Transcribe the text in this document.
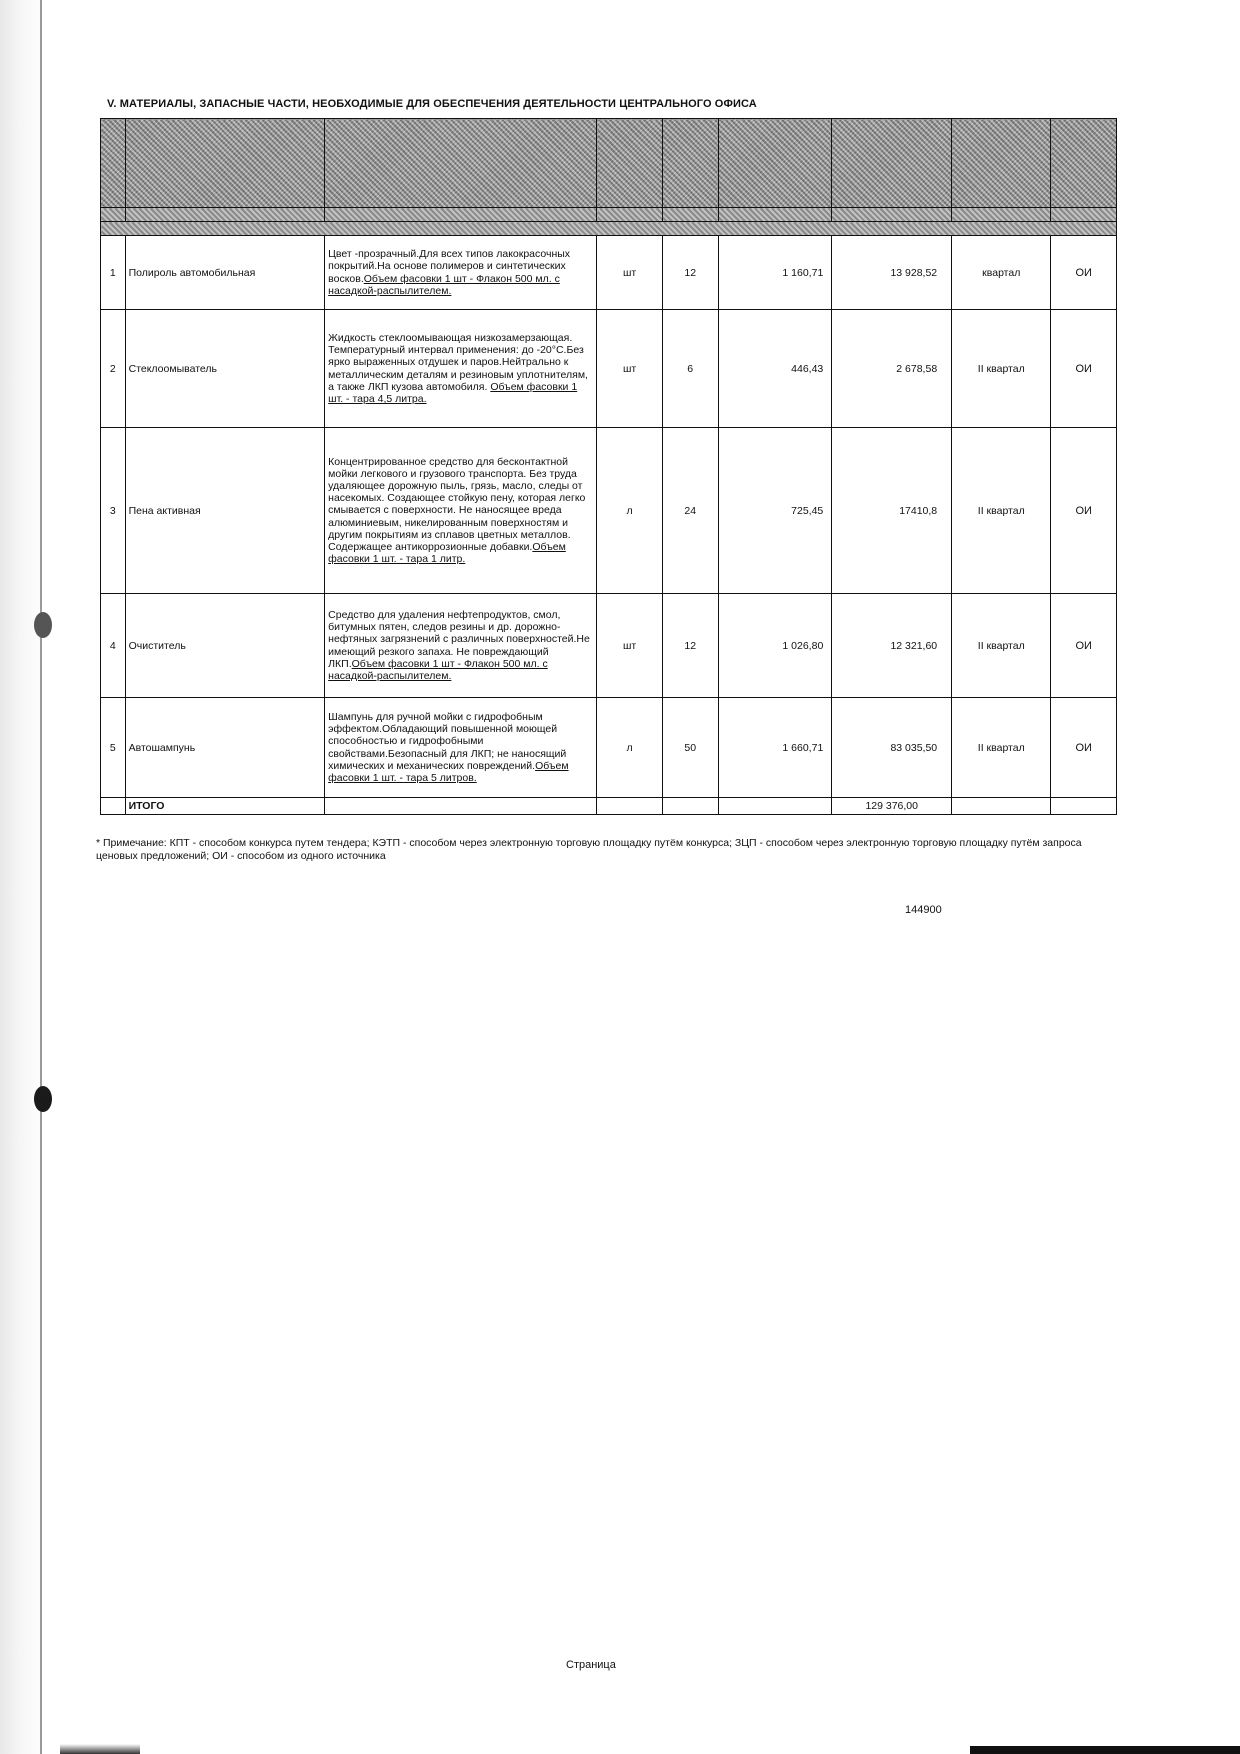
V. МАТЕРИАЛЫ, ЗАПАСНЫЕ ЧАСТИ, НЕОБХОДИМЫЕ ДЛЯ ОБЕСПЕЧЕНИЯ ДЕЯТЕЛЬНОСТИ ЦЕНТРАЛЬНОГО ОФИСА

1	Полироль автомобильная	Цвет -прозрачный.Для всех типов лакокрасочных покрытий.На основе полимеров и синтетических восков.Объем фасовки 1 шт - Флакон 500 мл. с насадкой-распылителем.	шт	12	1 160,71	13 928,52	квартал	ОИ
2	Стеклоомыватель	Жидкость стеклоомывающая низкозамерзающая. Температурный интервал применения: до -20°С.Без ярко выраженных отдушек и паров.Нейтрально к металлическим деталям и резиновым уплотнителям, а также ЛКП кузова автомобиля. Объем фасовки 1 шт. - тара 4,5 литра.	шт	6	446,43	2 678,58	II квартал	ОИ
3	Пена активная	Концентрированное средство для бесконтактной мойки легкового и грузового транспорта. Без труда удаляющее дорожную пыль, грязь, масло, следы от насекомых. Создающее стойкую пену, которая легко смывается с поверхности. Не наносящее вреда алюминиевым, никелированным поверхностям и другим покрытиям из сплавов цветных металлов. Содержащее антикоррозионные добавки.Объем фасовки 1 шт. - тара 1 литр.	л	24	725,45	17410,8	II квартал	ОИ
4	Очиститель	Средство для удаления нефтепродуктов, смол, битумных пятен, следов резины и др. дорожно-нефтяных загрязнений с различных поверхностей.Не имеющий резкого запаха. Не повреждающий ЛКП.Объем фасовки 1 шт - Флакон 500 мл. с насадкой-распылителем.	шт	12	1 026,80	12 321,60	II квартал	ОИ
5	Автошампунь	Шампунь для ручной мойки с гидрофобным эффектом.Обладающий повышенной моющей способностью и гидрофобными свойствами.Безопасный для ЛКП; не наносящий химических и механических повреждений.Объем фасовки 1 шт. - тара 5 литров.	л	50	1 660,71	83 035,50	II квартал	ОИ
	ИТОГО					129 376,00		
* Примечание: КПТ - способом конкурса путем тендера; КЭТП - способом через электронную торговую площадку путём конкурса; ЗЦП - способом через электронную торговую площадку путём запроса ценовых предложений; ОИ - способом из одного источника
144900
Страница
